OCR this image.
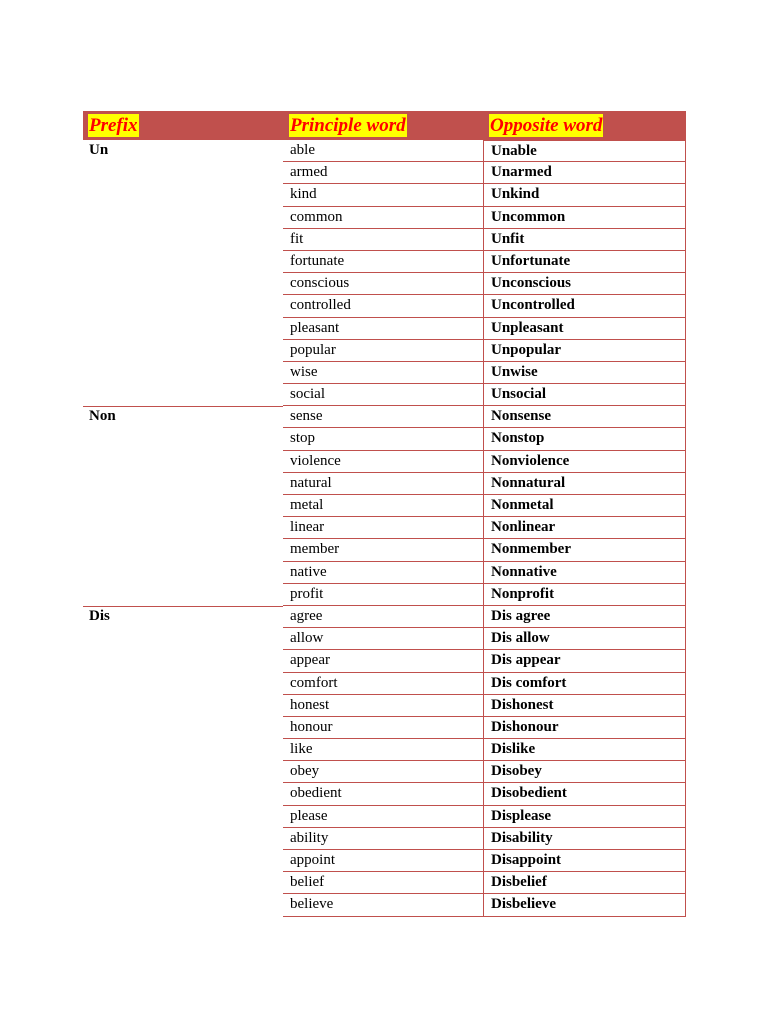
Prefix	Principle word	Opposite word
Un	able	Unable
armed	Unarmed
kind	Unkind
common	Uncommon
fit	Unfit
fortunate	Unfortunate
conscious	Unconscious
controlled	Uncontrolled
pleasant	Unpleasant
popular	Unpopular
wise	Unwise
social	Unsocial
Non	sense	Nonsense
stop	Nonstop
violence	Nonviolence
natural	Nonnatural
metal	Nonmetal
linear	Nonlinear
member	Nonmember
native	Nonnative
profit	Nonprofit
Dis	agree	Dis agree
allow	Dis allow
appear	Dis appear
comfort	Dis comfort
honest	Dishonest
honour	Dishonour
like	Dislike
obey	Disobey
obedient	Disobedient
please	Displease
ability	Disability
appoint	Disappoint
belief	Disbelief
believe	Disbelieve
